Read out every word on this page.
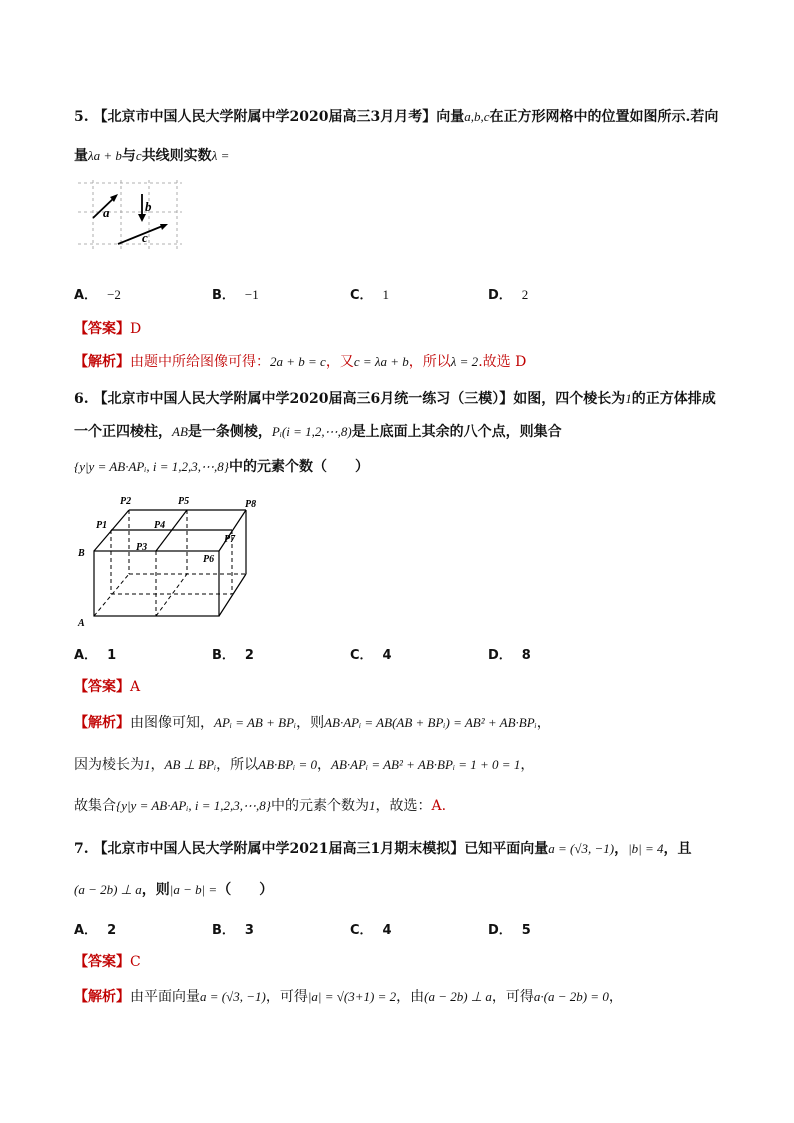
5. 【北京市中国人民大学附属中学2020届高三3月月考】向量a,b,c在正方形网格中的位置如图所示.若向
量λa + b与c共线则实数λ =
a	b
c
A． −2	B． −1	C． 1	D． 2
【答案】D
【解析】由题中所给图像可得：2a + b = c，又c = λa + b，所以λ = 2.故选 D
6. 【北京市中国人民大学附属中学2020届高三6月统一练习（三模）】如图，四个棱长为1的正方体排成
一个正四棱柱，AB是一条侧棱，Pᵢ(i = 1,2,⋯,8)是上底面上其余的八个点，则集合
{y|y = AB·APᵢ, i = 1,2,3,⋯,8}中的元素个数（　　）
P2	P5	P8
P1	P4
P7
B
P3
P6
A
A． 1	B． 2	C． 4	D． 8
【答案】A
【解析】由图像可知，APᵢ = AB + BPᵢ，则AB·APᵢ = AB(AB + BPᵢ) = AB² + AB·BPᵢ，
因为棱长为1，AB ⊥ BPᵢ，所以AB·BPᵢ = 0，AB·APᵢ = AB² + AB·BPᵢ = 1 + 0 = 1，
故集合{y|y = AB·APᵢ, i = 1,2,3,⋯,8}中的元素个数为1，故选：A.
7. 【北京市中国人民大学附属中学2021届高三1月期末模拟】已知平面向量a = (√3, −1)，|b| = 4，且
(a − 2b) ⊥ a，则|a − b| =（　　）
A． 2	B． 3	C． 4	D． 5
【答案】C
【解析】由平面向量a = (√3, −1)，可得|a| = √(3+1) = 2，由(a − 2b) ⊥ a，可得a·(a − 2b) = 0，
